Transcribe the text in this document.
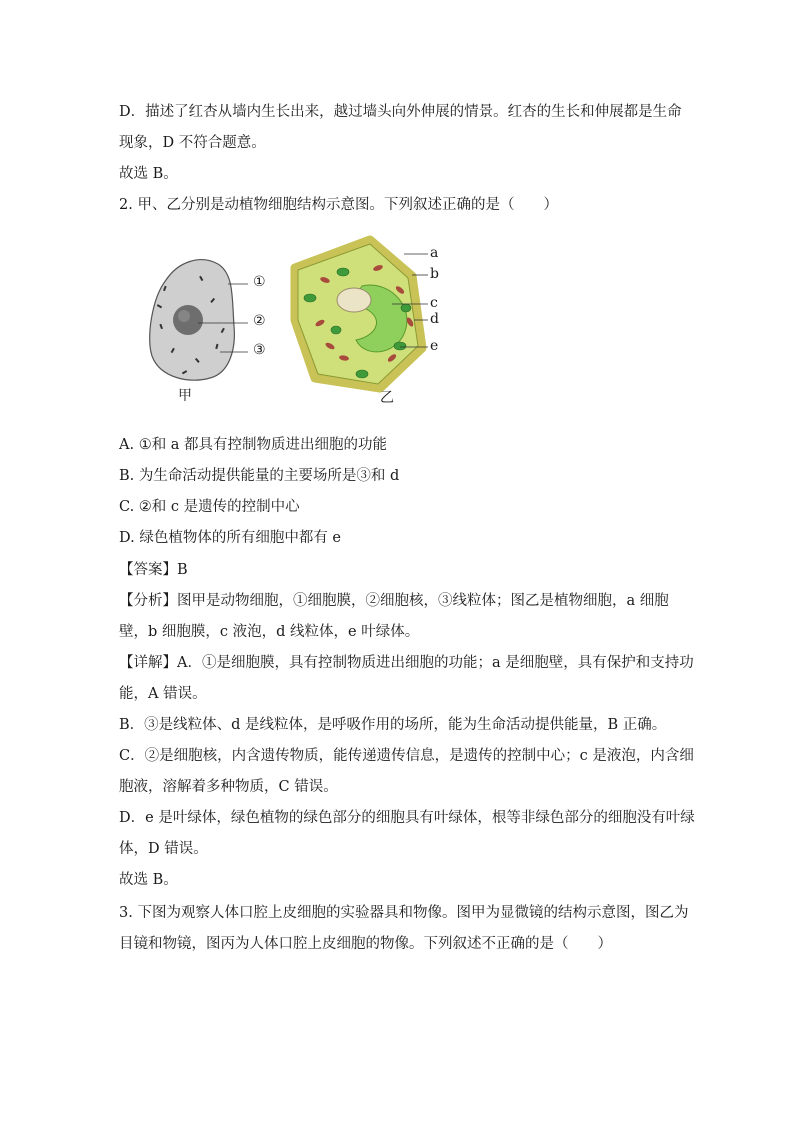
D．描述了红杏从墙内生长出来，越过墙头向外伸展的情景。红杏的生长和伸展都是生命
现象，D 不符合题意。
故选 B。
2. 甲、乙分别是动植物细胞结构示意图。下列叙述正确的是（　　）
①
②
③
甲
a
b
c
d
e
乙
A. ①和 a 都具有控制物质进出细胞的功能
B. 为生命活动提供能量的主要场所是③和 d
C. ②和 c 是遗传的控制中心
D. 绿色植物体的所有细胞中都有 e
【答案】B
【分析】图甲是动物细胞，①细胞膜，②细胞核，③线粒体；图乙是植物细胞，a 细胞
壁，b 细胞膜，c 液泡，d 线粒体，e 叶绿体。
【详解】A．①是细胞膜，具有控制物质进出细胞的功能；a 是细胞壁，具有保护和支持功
能，A 错误。
B．③是线粒体、d 是线粒体，是呼吸作用的场所，能为生命活动提供能量，B 正确。
C．②是细胞核，内含遗传物质，能传递遗传信息，是遗传的控制中心；c 是液泡，内含细
胞液，溶解着多种物质，C 错误。
D．e 是叶绿体，绿色植物的绿色部分的细胞具有叶绿体，根等非绿色部分的细胞没有叶绿
体，D 错误。
故选 B。
3. 下图为观察人体口腔上皮细胞的实验器具和物像。图甲为显微镜的结构示意图，图乙为
目镜和物镜，图丙为人体口腔上皮细胞的物像。下列叙述不正确的是（　　）
